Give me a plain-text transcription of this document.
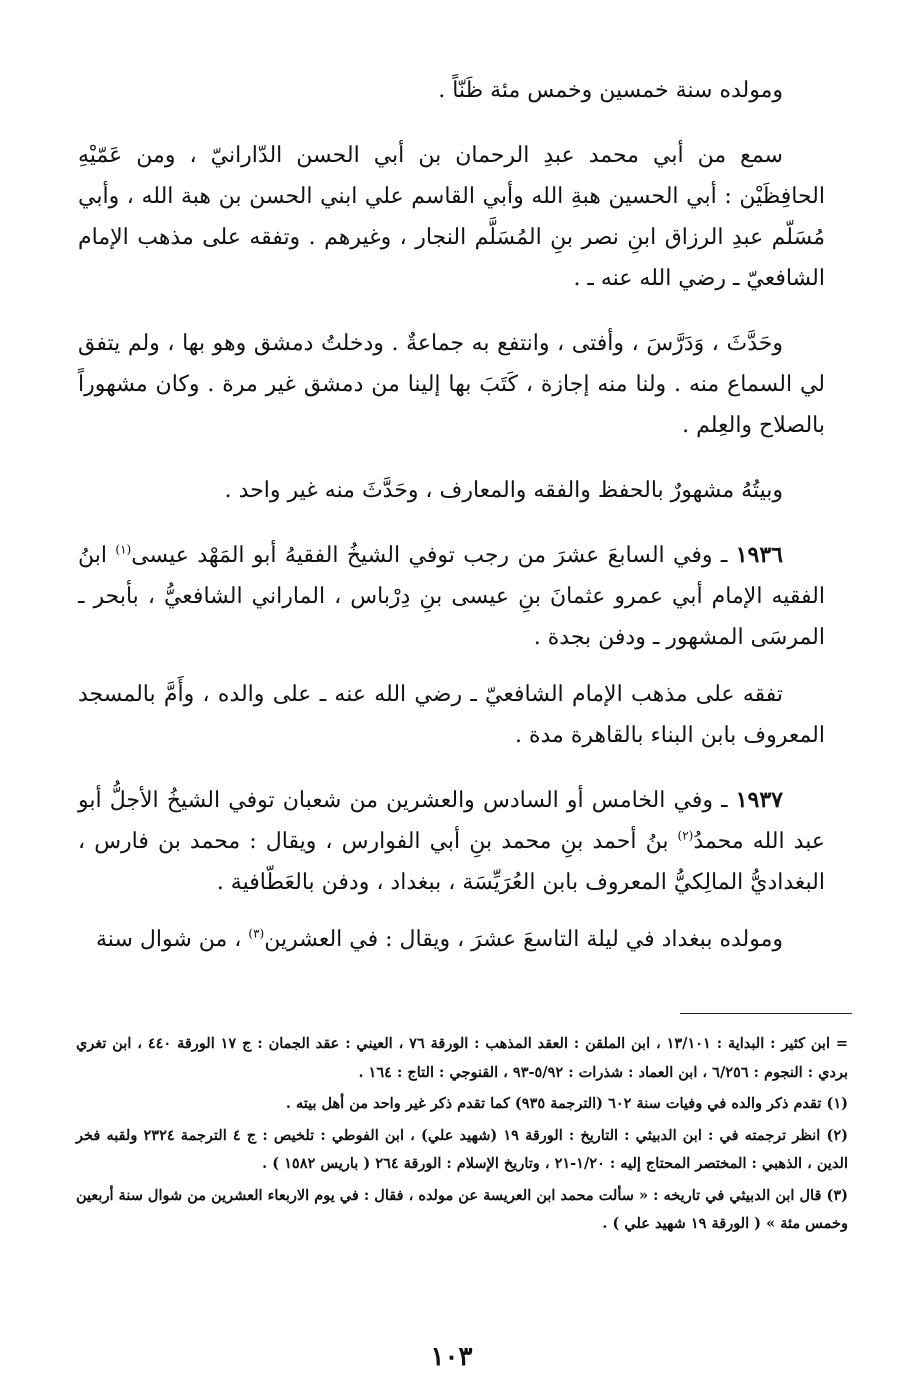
ومولده سنة خمسين وخمس مئة ظَنّاً .

سمع من أبي محمد عبدِ الرحمان بن أبي الحسن الدّارانيّ ، ومن عَمّيْهِ الحافِظَيْن : أبي الحسين هبةِ الله وأبي القاسم علي ابني الحسن بن هبة الله ، وأبي مُسَلّم عبدِ الرزاق ابنِ نصر بنِ المُسَلَّم النجار ، وغيرهم . وتفقه على مذهب الإمام الشافعيّ ـ رضي الله عنه ـ .

وحَدَّثَ ، وَدَرَّسَ ، وأفتى ، وانتفع به جماعةٌ . ودخلتُ دمشق وهو بها ، ولم يتفق لي السماع منه . ولنا منه إجازة ، كَتَبَ بها إلينا من دمشق غير مرة . وكان مشهوراً بالصلاح والعِلم .

وبيتُهُ مشهورٌ بالحفظ والفقه والمعارف ، وحَدَّثَ منه غير واحد .

١٩٣٦ ـ وفي السابعَ عشرَ من رجب توفي الشيخُ الفقيهُ أبو المَهْد عيسى$^{(١)}$ ابنُ الفقيه الإمام أبي عمرو عثمانَ بنِ عيسى بنِ دِرْباس ، الماراني الشافعيُّ ، بأبحر ـ المرسَى المشهور ـ ودفن بجدة .

تفقه على مذهب الإمام الشافعيّ ـ رضي الله عنه ـ على والده ، وأَمَّ بالمسجد المعروف بابن البناء بالقاهرة مدة .

١٩٣٧ ـ وفي الخامس أو السادس والعشرين من شعبان توفي الشيخُ الأجلُّ أبو عبد الله محمدُ$^{(٢)}$ بنُ أحمد بنِ محمد بنِ أبي الفوارس ، ويقال : محمد بن فارس ، البغداديُّ المالِكيُّ المعروف بابن العُرَيِّسَة ، ببغداد ، ودفن بالعَطّافية .

ومولده ببغداد في ليلة التاسعَ عشرَ ، ويقال : في العشرين$^{(٣)}$ ، من شوال سنة

= ابن كثير : البداية : ١٣/١٠١ ، ابن الملقن : العقد المذهب : الورقة ٧٦ ، العيني : عقد الجمان : ج ١٧ الورقة ٤٤٠ ، ابن تغري بردي : النجوم : ٦/٢٥٦ ، ابن العماد : شذرات : ٥/٩٢-٩٣ ، القنوجي : التاج : ١٦٤ .

(١) تقدم ذكر والده في وفيات سنة ٦٠٢ (الترجمة ٩٣٥) كما تقدم ذكر غير واحد من أهل بيته .

(٢) انظر ترجمته في : ابن الدبيثي : التاريخ : الورقة ١٩ (شهيد علي) ، ابن الفوطي : تلخيص : ج ٤ الترجمة ٢٣٢٤ ولقبه فخر الدين ، الذهبي : المختصر المحتاج إليه : ١/٢٠-٢١ ، وتاريخ الإسلام : الورقة ٢٦٤ ( باريس ١٥٨٢ ) .

(٣) قال ابن الدبيثي في تاريخه : « سألت محمد ابن العريسة عن مولده ، فقال : في يوم الاربعاء العشرين من شوال سنة أربعين وخمس مئة » ( الورقة ١٩ شهيد علي ) .

١٠٣
